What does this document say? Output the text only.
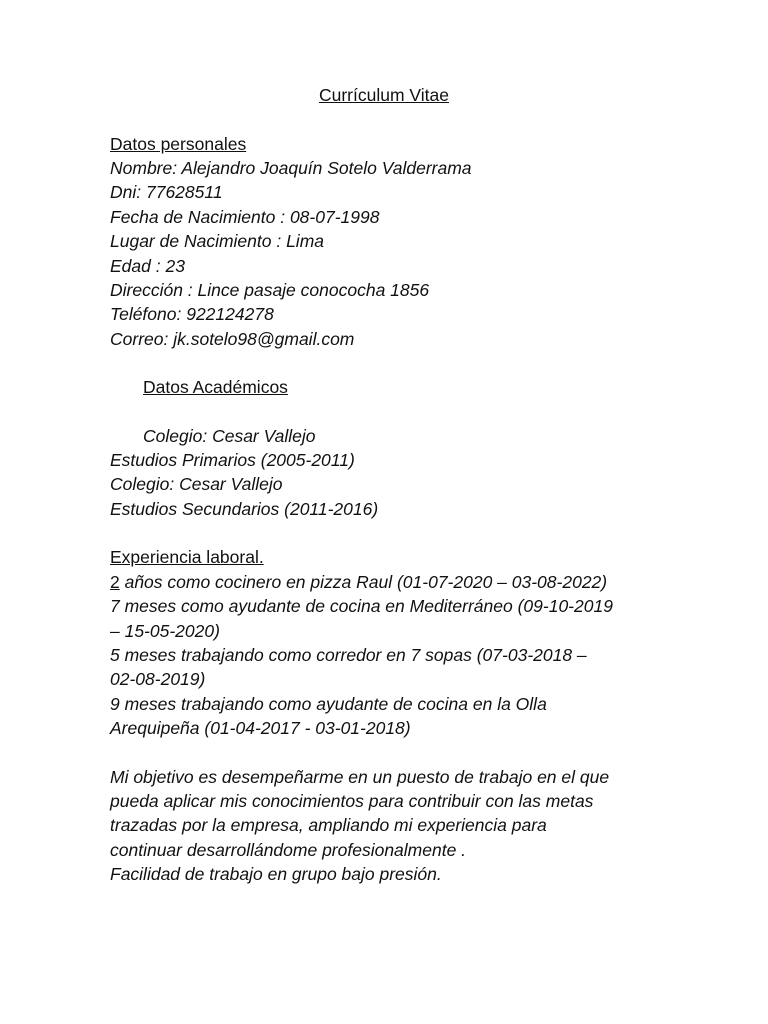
Currículum Vitae
Datos personales
Nombre: Alejandro Joaquín Sotelo Valderrama
Dni: 77628511
Fecha de Nacimiento : 08-07-1998
Lugar de Nacimiento : Lima
Edad : 23
Dirección : Lince pasaje conococha 1856
Teléfono: 922124278
Correo: jk.sotelo98@gmail.com
Datos Académicos
Colegio: Cesar Vallejo
Estudios Primarios (2005-2011)
Colegio: Cesar Vallejo
Estudios Secundarios (2011-2016)
Experiencia laboral.
2 años como cocinero en pizza Raul (01-07-2020 – 03-08-2022)
7 meses como ayudante de cocina en Mediterráneo (09-10-2019
– 15-05-2020)
5 meses trabajando como corredor en 7 sopas (07-03-2018 –
02-08-2019)
9 meses trabajando como ayudante de cocina en la Olla
Arequipeña (01-04-2017 - 03-01-2018)
Mi objetivo es desempeñarme en un puesto de trabajo en el que
pueda aplicar mis conocimientos para contribuir con las metas
trazadas por la empresa, ampliando mi experiencia para
continuar desarrollándome profesionalmente .
Facilidad de trabajo en grupo bajo presión.
